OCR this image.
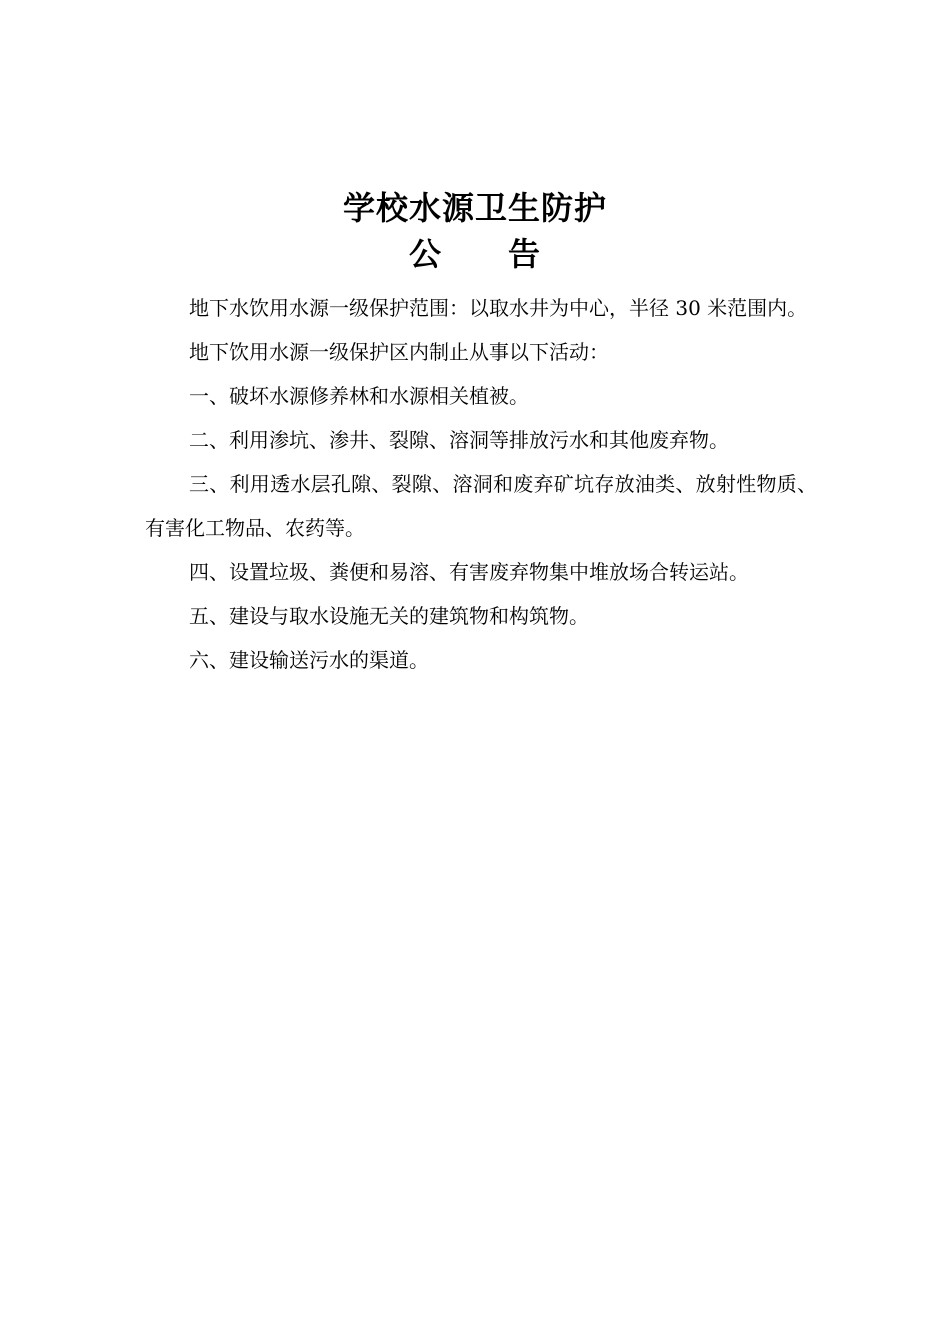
学校水源卫生防护
公　　告

地下水饮用水源一级保护范围：以取水井为中心，半径 30 米范围内。

地下饮用水源一级保护区内制止从事以下活动：

一、破坏水源修养林和水源相关植被。

二、利用渗坑、渗井、裂隙、溶洞等排放污水和其他废弃物。

三、利用透水层孔隙、裂隙、溶洞和废弃矿坑存放油类、放射性物质、有害化工物品、农药等。

四、设置垃圾、粪便和易溶、有害废弃物集中堆放场合转运站。

五、建设与取水设施无关的建筑物和构筑物。

六、建设输送污水的渠道。
